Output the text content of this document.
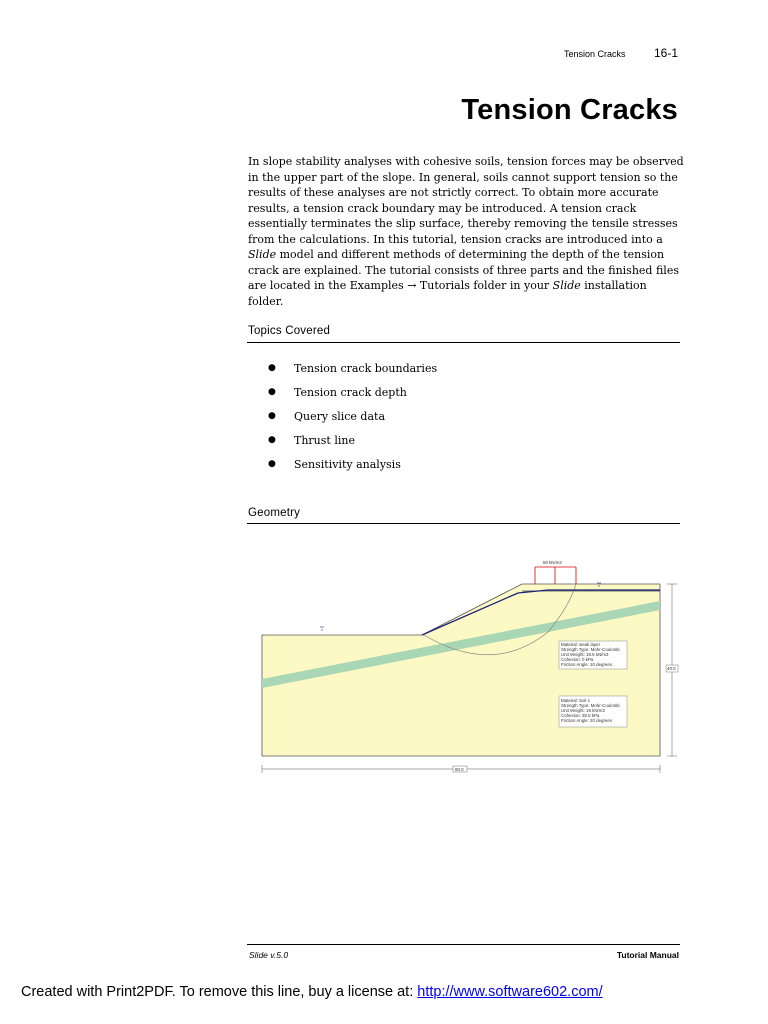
Tension Cracks 16-1
Tension Cracks

In slope stability analyses with cohesive soils, tension forces may be observed in the upper part of the slope. In general, soils cannot support tension so the results of these analyses are not strictly correct. To obtain more accurate results, a tension crack boundary may be introduced. A tension crack essentially terminates the slip surface, thereby removing the tensile stresses from the calculations. In this tutorial, tension cracks are introduced into a Slide model and different methods of determining the depth of the tension crack are explained. The tutorial consists of three parts and the finished files are located in the Examples → Tutorials folder in your Slide installation folder.

Topics Covered
●	Tension crack boundaries
●	Tension crack depth
●	Query slice data
●	Thrust line
●	Sensitivity analysis
Geometry
50 kN/m2
Material: weak layer Strength Type: Mohr-Coulomb Unit Weight: 18.5 kN/m3 Cohesion: 0 kPa Friction Angle: 10 degrees
Material: Soil 1 Strength Type: Mohr-Coulomb Unit Weight: 19 kN/m3 Cohesion: 28.5 kPa Friction Angle: 20 degrees
80.0
40.0
Slide v.5.0	Tutorial Manual
Created with Print2PDF. To remove this line, buy a license at: http://www.software602.com/
